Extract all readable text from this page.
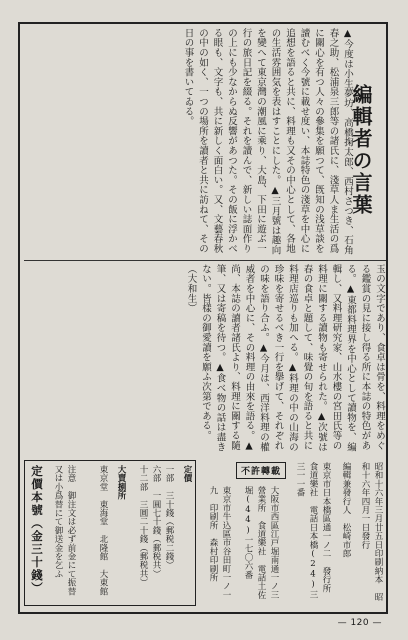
編輯者の言葉
▲今度は小生夢坊、高橋掬太郎、西村さつき、石角春之助、松浦泉三郎等の諸氏に、淺草人ま生活の爲に關心を有つ人々の參集を願つて、旣知の浅草談を讀むべく今號に載せ度い、本誌特色の淺草を中心に追想を語ると共に、料理も又その中心として、各地の生活雰囲気を表はすことにした。▲三月號は趣向を變へて東京灣の潮風に乘り、大島、下田に遊ぶ一行の旅日記を綴る。それを讀んで、新しい誌面作りの上にも少なからぬ反響があつた。その飯に浮かべる眼も、文字も、共に新しく面白い。又、文藝春秋の中の如く、一つの場所を讀者と共に訪ねて、その日の事を書いてゐる。
玉の文字であり、食卓は骨を、料理をめぐる鑑賞の見に接し得る所に本誌の特色がある。▲東都料理界を中心として讀物を、編輯し、又料理研究家、山水樓の宮田氏等の料理に關する讀物も寄せられた。▲次號は春の食卓と題して、味覺の旬を語ると共に料理店巡りも加へる。▲料理の中の山海の珍味を寄せるべき一行を擧げて、それぞれの味を語り合ふ。▲今月は、西洋料理の權威者を中心に、その料理の由來を語る。▲尚、本誌の讀者諸氏より、料理に關する隨筆、又は寄稿を待つ。▲食べ物の話は盡きない。皆樣の御愛讀を願ふ次第である。 （大和生）
昭和十六年三月廿五日印刷納本　昭和十六年四月一日發行
編輯兼發行人　松崎市郎
東京市日本橋區通一ノ二　發行所　食道樂社　電話日本橋(24)三三一一番
不許轉載
大阪市西區江戸堀南通一ノ三　營業所　食道樂社　電話土佐堀(44)一七〇六番
東京市牛込區市谷田町一ノ一九　印刷所　森村印刷所
定價
一部　三十錢（郵税二錢）
六部　一圓七十錢（郵税共）
十二部　三圓二十錢（郵税共）
大賣捌所
東京堂　東海堂　北隆館　大東館
注意　御注文は必ず前金にて振替又は小爲替にて御送金を乞ふ
定價本號（金三十錢）
— 120 —
